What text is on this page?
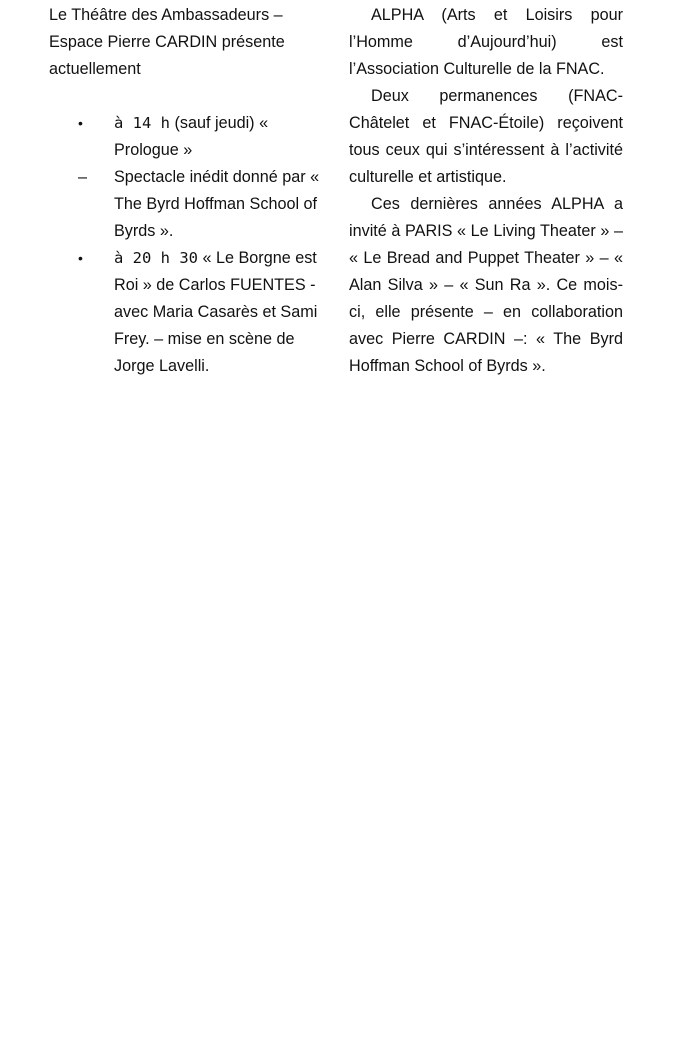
Le Théâtre des Ambassadeurs – Espace Pierre CARDIN présente actuellement

•	à 14 h (sauf jeudi) « Prologue »
–	Spectacle inédit donné par « The Byrd Hoffman School of Byrds ».
•	à 20 h 30 « Le Borgne est Roi » de Carlos FUENTES -avec Maria Casarès et Sami Frey. – mise en scène de Jorge Lavelli.

ALPHA (Arts et Loisirs pour l’Homme d’Aujourd’hui) est l’Association Culturelle de la FNAC.

Deux permanences (FNAC-Châtelet et FNAC-Étoile) reçoivent tous ceux qui s’intéressent à l’activité culturelle et artistique.

Ces dernières années ALPHA a invité à PARIS « Le Living Theater » – « Le Bread and Puppet Theater » – « Alan Silva » – « Sun Ra ». Ce mois-ci, elle présente – en collaboration avec Pierre CARDIN –: « The Byrd Hoffman School of Byrds ».
